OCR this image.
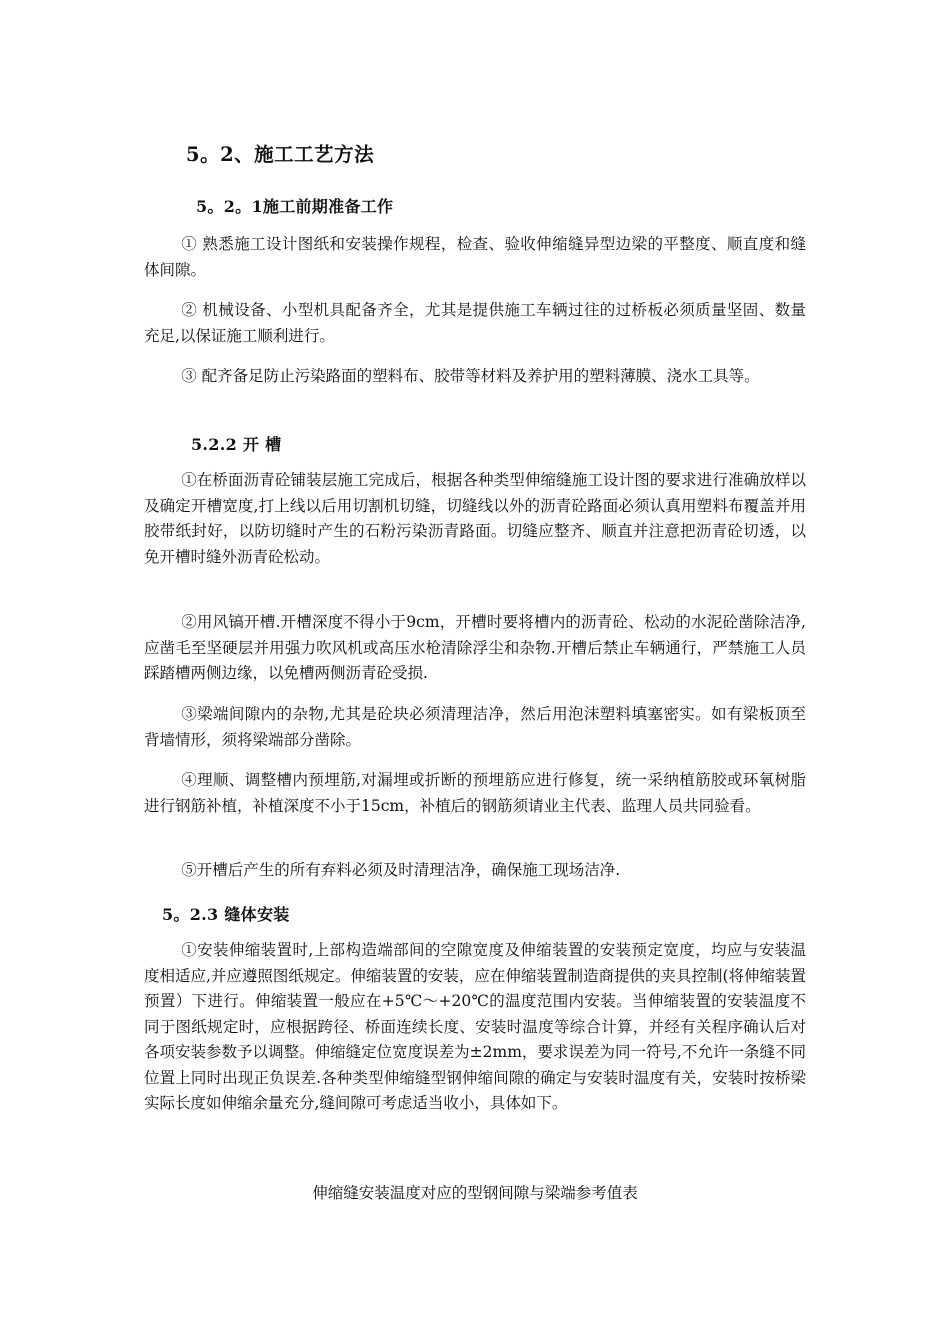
5。2、施工工艺方法
5。2。1施工前期准备工作

① 熟悉施工设计图纸和安装操作规程，检查、验收伸缩缝异型边梁的平整度、顺直度和缝体间隙。

② 机械设备、小型机具配备齐全，尤其是提供施工车辆过往的过桥板必须质量坚固、数量充足,以保证施工顺利进行。

③ 配齐备足防止污染路面的塑料布、胶带等材料及养护用的塑料薄膜、浇水工具等。

5.2.2 开 槽

①在桥面沥青砼铺装层施工完成后，根据各种类型伸缩缝施工设计图的要求进行准确放样以及确定开槽宽度,打上线以后用切割机切缝，切缝线以外的沥青砼路面必须认真用塑料布覆盖并用胶带纸封好，以防切缝时产生的石粉污染沥青路面。切缝应整齐、顺直并注意把沥青砼切透，以免开槽时缝外沥青砼松动。

②用风镐开槽.开槽深度不得小于9cm，开槽时要将槽内的沥青砼、松动的水泥砼凿除洁净,应凿毛至坚硬层并用强力吹风机或高压水枪清除浮尘和杂物.开槽后禁止车辆通行，严禁施工人员踩踏槽两侧边缘，以免槽两侧沥青砼受损.

③梁端间隙内的杂物,尤其是砼块必须清理洁净，然后用泡沫塑料填塞密实。如有梁板顶至背墙情形，须将梁端部分凿除。

④理顺、调整槽内预埋筋,对漏埋或折断的预埋筋应进行修复，统一采纳植筋胶或环氧树脂进行钢筋补植，补植深度不小于15cm，补植后的钢筋须请业主代表、监理人员共同验看。

⑤开槽后产生的所有弃料必须及时清理洁净，确保施工现场洁净.

5。2.3 缝体安装

①安装伸缩装置时,上部构造端部间的空隙宽度及伸缩装置的安装预定宽度，均应与安装温度相适应,并应遵照图纸规定。伸缩装置的安装，应在伸缩装置制造商提供的夹具控制(将伸缩装置预置）下进行。伸缩装置一般应在+5℃～+20℃的温度范围内安装。当伸缩装置的安装温度不同于图纸规定时，应根据跨径、桥面连续长度、安装时温度等综合计算，并经有关程序确认后对各项安装参数予以调整。伸缩缝定位宽度误差为±2mm，要求误差为同一符号,不允许一条缝不同位置上同时出现正负误差.各种类型伸缩缝型钢伸缩间隙的确定与安装时温度有关，安装时按桥梁实际长度如伸缩余量充分,缝间隙可考虑适当收小，具体如下。

伸缩缝安装温度对应的型钢间隙与梁端参考值表
